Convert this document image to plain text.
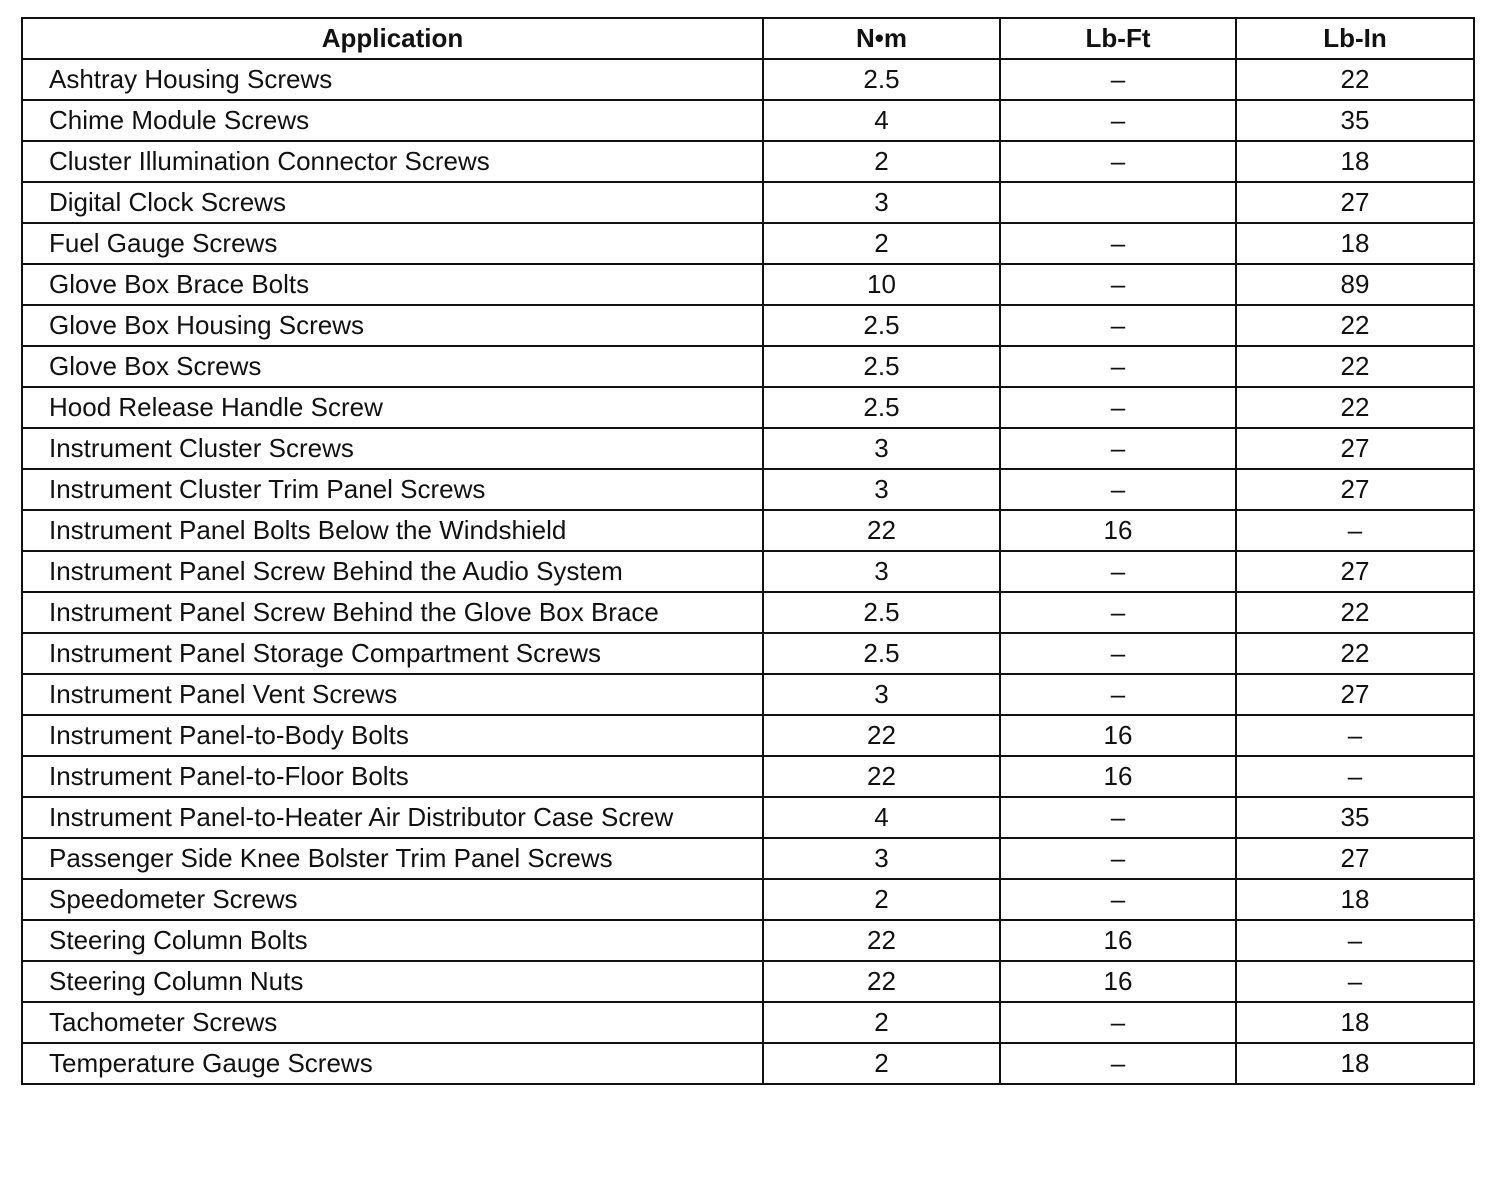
Application	N•m	Lb-Ft	Lb-In
Ashtray Housing Screws	2.5	–	22
Chime Module Screws	4	–	35
Cluster Illumination Connector Screws	2	–	18
Digital Clock Screws	3		27
Fuel Gauge Screws	2	–	18
Glove Box Brace Bolts	10	–	89
Glove Box Housing Screws	2.5	–	22
Glove Box Screws	2.5	–	22
Hood Release Handle Screw	2.5	–	22
Instrument Cluster Screws	3	–	27
Instrument Cluster Trim Panel Screws	3	–	27
Instrument Panel Bolts Below the Windshield	22	16	–
Instrument Panel Screw Behind the Audio System	3	–	27
Instrument Panel Screw Behind the Glove Box Brace	2.5	–	22
Instrument Panel Storage Compartment Screws	2.5	–	22
Instrument Panel Vent Screws	3	–	27
Instrument Panel-to-Body Bolts	22	16	–
Instrument Panel-to-Floor Bolts	22	16	–
Instrument Panel-to-Heater Air Distributor Case Screw	4	–	35
Passenger Side Knee Bolster Trim Panel Screws	3	–	27
Speedometer Screws	2	–	18
Steering Column Bolts	22	16	–
Steering Column Nuts	22	16	–
Tachometer Screws	2	–	18
Temperature Gauge Screws	2	–	18
